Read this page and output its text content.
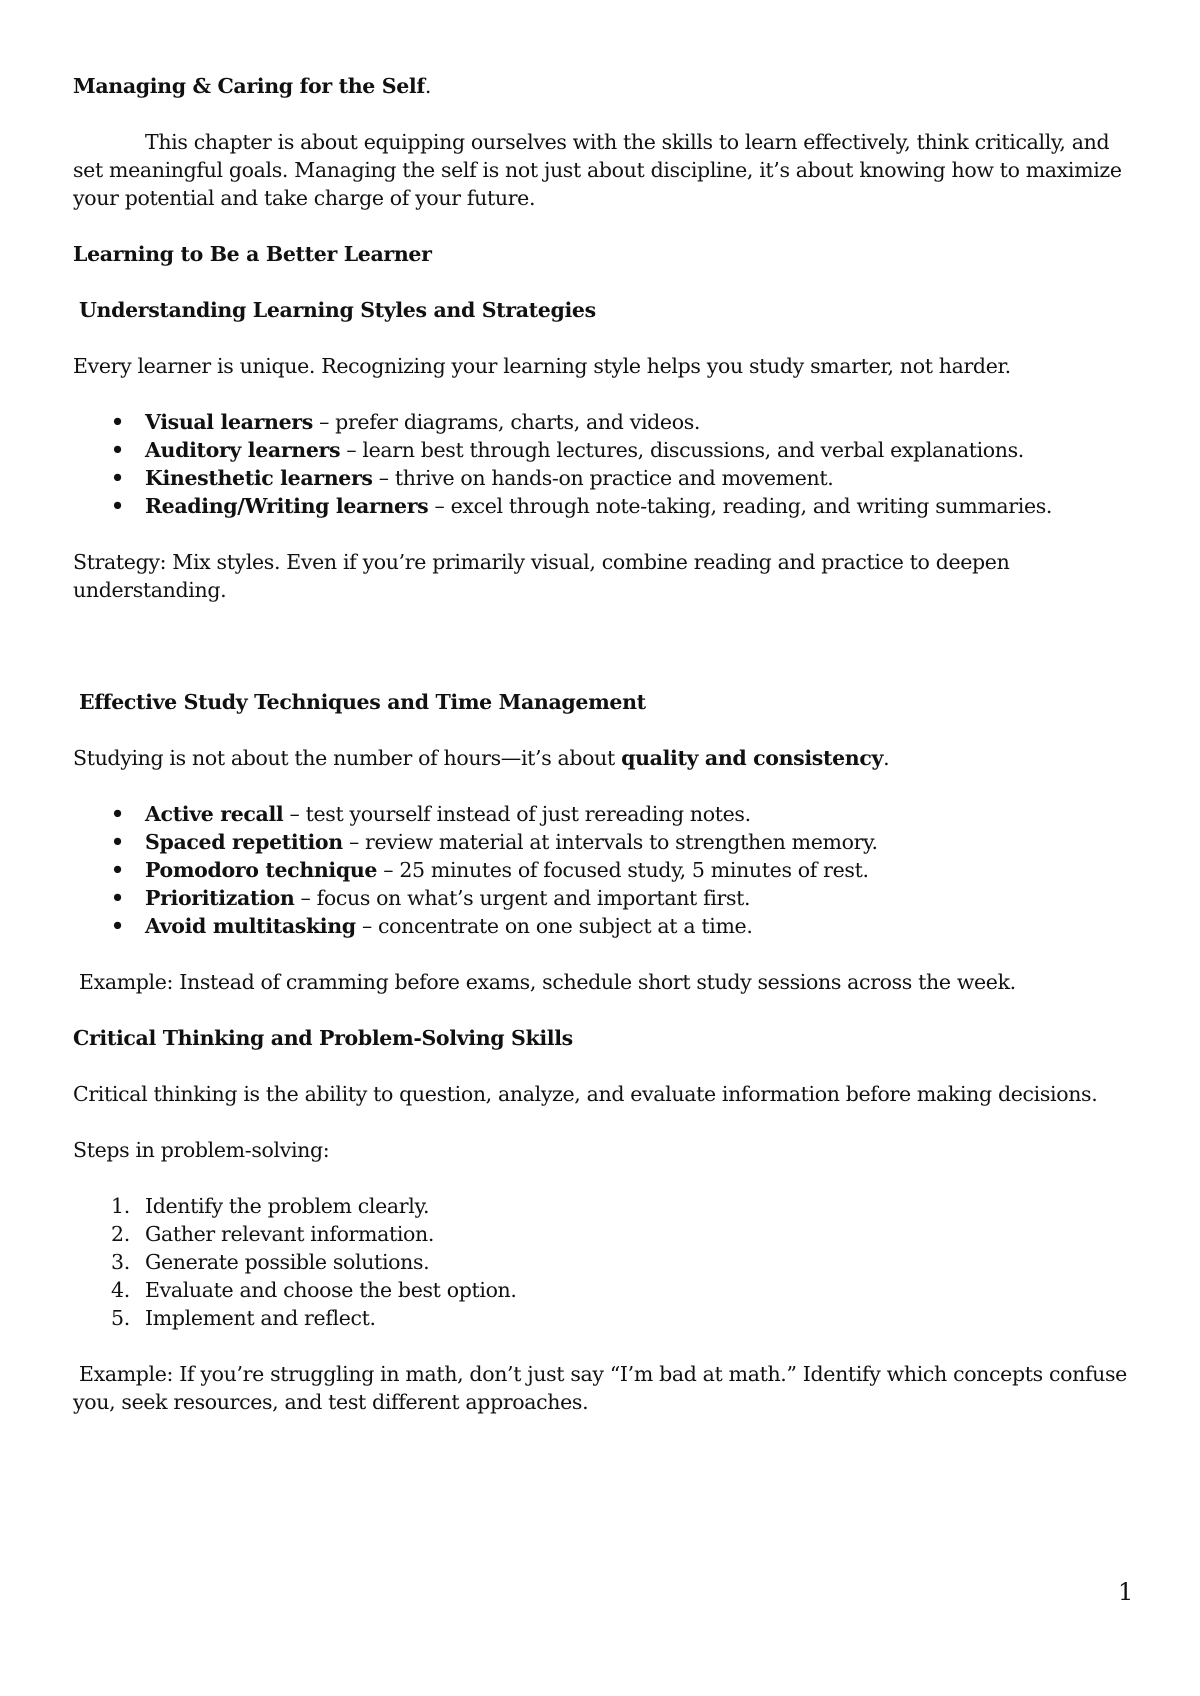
Managing & Caring for the Self.

This chapter is about equipping ourselves with the skills to learn effectively, think critically, and set meaningful goals. Managing the self is not just about discipline, it’s about knowing how to maximize your potential and take charge of your future.

Learning to Be a Better Learner

Understanding Learning Styles and Strategies

Every learner is unique. Recognizing your learning style helps you study smarter, not harder.

• Visual learners – prefer diagrams, charts, and videos.
• Auditory learners – learn best through lectures, discussions, and verbal explanations.
• Kinesthetic learners – thrive on hands-on practice and movement.
• Reading/Writing learners – excel through note-taking, reading, and writing summaries.

Strategy: Mix styles. Even if you’re primarily visual, combine reading and practice to deepen understanding.

Effective Study Techniques and Time Management

Studying is not about the number of hours—it’s about quality and consistency.

• Active recall – test yourself instead of just rereading notes.
• Spaced repetition – review material at intervals to strengthen memory.
• Pomodoro technique – 25 minutes of focused study, 5 minutes of rest.
• Prioritization – focus on what’s urgent and important first.
• Avoid multitasking – concentrate on one subject at a time.

Example: Instead of cramming before exams, schedule short study sessions across the week.

Critical Thinking and Problem-Solving Skills

Critical thinking is the ability to question, analyze, and evaluate information before making decisions.

Steps in problem-solving:

1. Identify the problem clearly.
2. Gather relevant information.
3. Generate possible solutions.
4. Evaluate and choose the best option.
5. Implement and reflect.

Example: If you’re struggling in math, don’t just say “I’m bad at math.” Identify which concepts confuse you, seek resources, and test different approaches.

1
